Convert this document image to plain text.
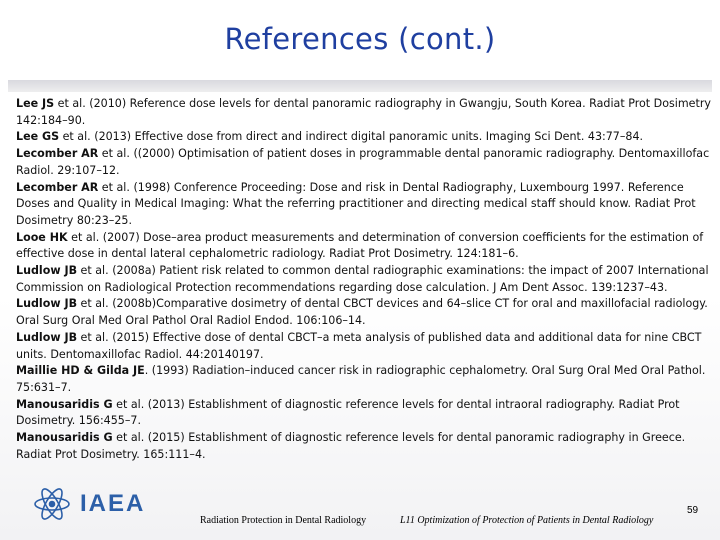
References (cont.)

Lee JS et al. (2010) Reference dose levels for dental panoramic radiography in Gwangju, South Korea. Radiat Prot Dosimetry 142:184–90.

Lee GS et al. (2013) Effective dose from direct and indirect digital panoramic units. Imaging Sci Dent. 43:77–84.

Lecomber AR et al. ((2000) Optimisation of patient doses in programmable dental panoramic radiography. Dentomaxillofac Radiol. 29:107–12.

Lecomber AR et al. (1998) Conference Proceeding: Dose and risk in Dental Radiography, Luxembourg 1997. Reference Doses and Quality in Medical Imaging: What the referring practitioner and directing medical staff should know. Radiat Prot Dosimetry 80:23–25.

Looe HK et al. (2007) Dose–area product measurements and determination of conversion coefficients for the estimation of effective dose in dental lateral cephalometric radiology. Radiat Prot Dosimetry. 124:181–6.

Ludlow JB et al. (2008a) Patient risk related to common dental radiographic examinations: the impact of 2007 International Commission on Radiological Protection recommendations regarding dose calculation. J Am Dent Assoc. 139:1237–43.

Ludlow JB et al. (2008b)Comparative dosimetry of dental CBCT devices and 64–slice CT for oral and maxillofacial radiology. Oral Surg Oral Med Oral Pathol Oral Radiol Endod. 106:106–14.

Ludlow JB et al. (2015) Effective dose of dental CBCT–a meta analysis of published data and additional data for nine CBCT units. Dentomaxillofac Radiol. 44:20140197.

Maillie HD & Gilda JE. (1993) Radiation–induced cancer risk in radiographic cephalometry. Oral Surg Oral Med Oral Pathol. 75:631–7.

Manousaridis G et al. (2013) Establishment of diagnostic reference levels for dental intraoral radiography. Radiat Prot Dosimetry. 156:455–7.

Manousaridis G et al. (2015) Establishment of diagnostic reference levels for dental panoramic radiography in Greece. Radiat Prot Dosimetry. 165:111–4.

IAEA
Radiation Protection in Dental Radiology	L11 Optimization of Protection of Patients in Dental Radiology
59
